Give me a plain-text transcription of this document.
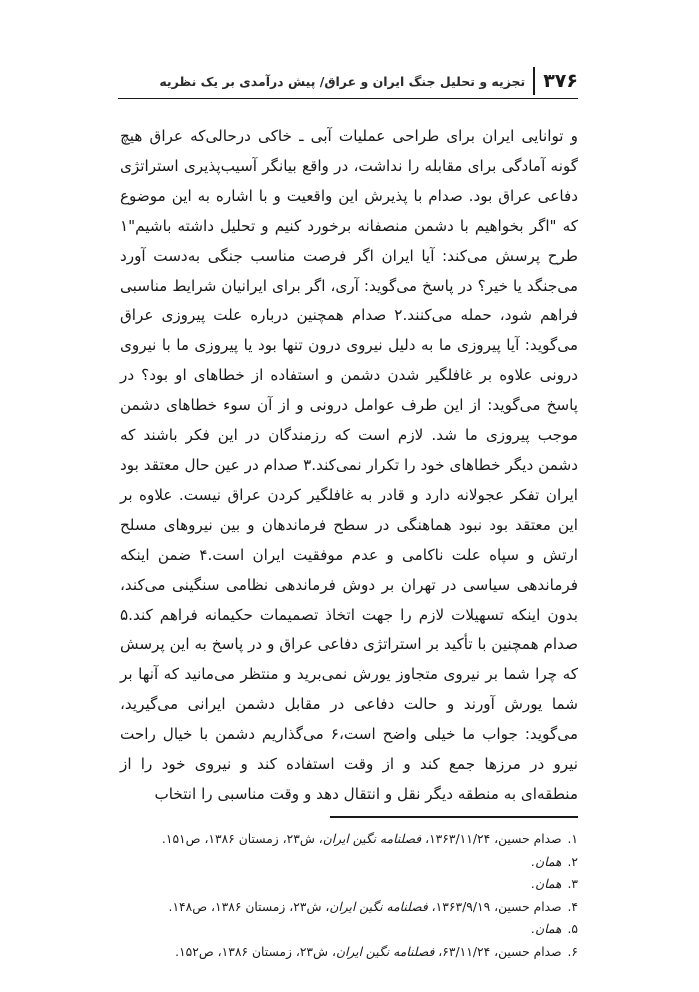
۳۷۶
تجزیه و تحلیل جنگ ایران و عراق/ پیش درآمدی بر یک نظریه

و توانایی ایران برای طراحی عملیات آبی ـ خاکی درحالی‌که عراق هیچ گونه آمادگی برای مقابله را نداشت، در واقع بیانگر آسیب‌پذیری استراتژی دفاعی عراق بود. صدام با پذیرش این واقعیت و با اشاره به این موضوع که "اگر بخواهیم با دشمن منصفانه برخورد کنیم و تحلیل داشته باشیم"۱ طرح پرسش می‌کند: آیا ایران اگر فرصت مناسب جنگی به‌دست آورد می‌جنگد یا خیر؟ در پاسخ می‌گوید: آری، اگر برای ایرانیان شرایط مناسبی فراهم شود، حمله می‌کنند.۲ صدام همچنین درباره علت پیروزی عراق می‌گوید: آیا پیروزی ما به دلیل نیروی درون تنها بود یا پیروزی ما با نیروی درونی علاوه بر غافلگیر شدن دشمن و استفاده از خطاهای او بود؟ در پاسخ می‌گوید: از این طرف عوامل درونی و از آن سوء خطاهای دشمن موجب پیروزی ما شد. لازم است که رزمندگان در این فکر باشند که دشمن دیگر خطاهای خود را تکرار نمی‌کند.۳ صدام در عین حال معتقد بود ایران تفکر عجولانه دارد و قادر به غافلگیر کردن عراق نیست. علاوه بر این معتقد بود نبود هماهنگی در سطح فرماندهان و بین نیروهای مسلح ارتش و سپاه علت ناکامی و عدم موفقیت ایران است.۴ ضمن اینکه فرماندهی سیاسی در تهران بر دوش فرماندهی نظامی سنگینی می‌کند، بدون اینکه تسهیلات لازم را جهت اتخاذ تصمیمات حکیمانه فراهم کند.۵ صدام همچنین با تأکید بر استراتژی دفاعی عراق و در پاسخ به این پرسش که چرا شما بر نیروی متجاوز یورش نمی‌برید و منتظر می‌مانید که آنها بر شما یورش آورند و حالت دفاعی در مقابل دشمن ایرانی می‌گیرید، می‌گوید: جواب ما خیلی واضح است،۶ می‌گذاریم دشمن با خیال راحت نیرو در مرزها جمع کند و از وقت استفاده کند و نیروی خود را از منطقه‌ای به منطقه دیگر نقل و انتقال دهد و وقت مناسبی را انتخاب

۱. صدام حسین، ۱۳۶۳/۱۱/۲۴، فصلنامه نگین ایران، ش۲۳، زمستان ۱۳۸۶، ص۱۵۱.
۲. همان.
۳. همان.
۴. صدام حسین، ۱۳۶۳/۹/۱۹، فصلنامه نگین ایران، ش۲۳، زمستان ۱۳۸۶، ص۱۴۸.
۵. همان.
۶. صدام حسین، ۶۳/۱۱/۲۴، فصلنامه نگین ایران، ش۲۳، زمستان ۱۳۸۶، ص۱۵۲.
